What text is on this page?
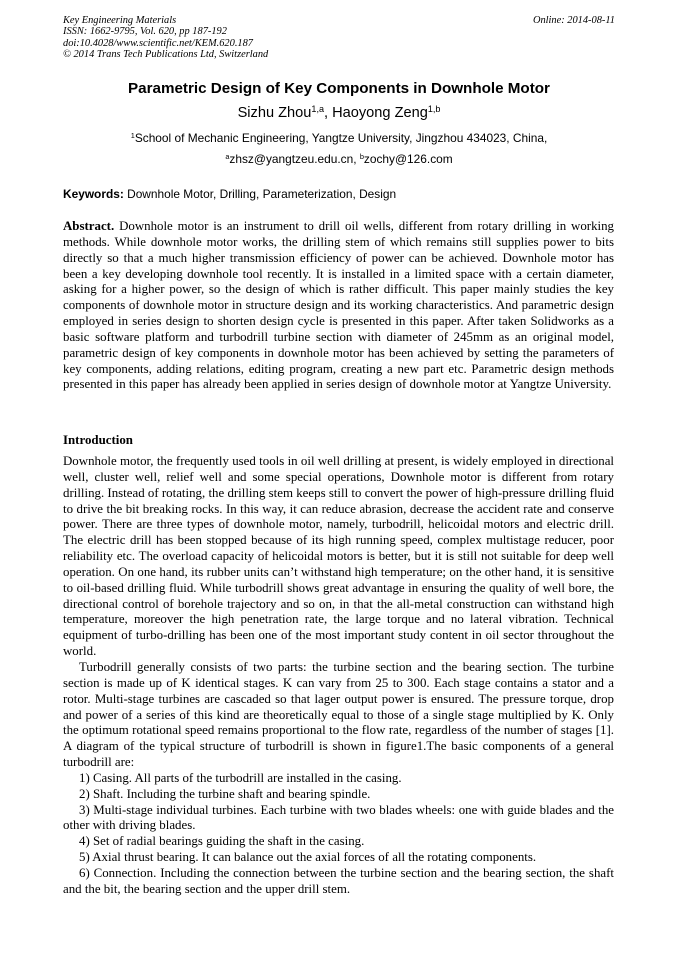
Key Engineering Materials
ISSN: 1662-9795, Vol. 620, pp 187-192
doi:10.4028/www.scientific.net/KEM.620.187
© 2014 Trans Tech Publications Ltd, Switzerland
Online: 2014-08-11
Parametric Design of Key Components in Downhole Motor
Sizhu Zhou$^{1,a}$, Haoyong Zeng$^{1,b}$
$^1$School of Mechanic Engineering, Yangtze University, Jingzhou 434023, China,
$^a$zhsz@yangtzeu.edu.cn, $^b$zochy@126.com
Keywords: Downhole Motor, Drilling, Parameterization, Design
Abstract. Downhole motor is an instrument to drill oil wells, different from rotary drilling in working methods. While downhole motor works, the drilling stem of which remains still supplies power to bits directly so that a much higher transmission efficiency of power can be achieved. Downhole motor has been a key developing downhole tool recently. It is installed in a limited space with a certain diameter, asking for a higher power, so the design of which is rather difficult. This paper mainly studies the key components of downhole motor in structure design and its working characteristics. And parametric design employed in series design to shorten design cycle is presented in this paper. After taken Solidworks as a basic software platform and turbodrill turbine section with diameter of 245mm as an original model, parametric design of key components in downhole motor has been achieved by setting the parameters of key components, adding relations, editing program, creating a new part etc. Parametric design methods presented in this paper has already been applied in series design of downhole motor at Yangtze University.
Introduction

Downhole motor, the frequently used tools in oil well drilling at present, is widely employed in directional well, cluster well, relief well and some special operations, Downhole motor is different from rotary drilling. Instead of rotating, the drilling stem keeps still to convert the power of high-pressure drilling fluid to drive the bit breaking rocks. In this way, it can reduce abrasion, decrease the accident rate and conserve power. There are three types of downhole motor, namely, turbodrill, helicoidal motors and electric drill. The electric drill has been stopped because of its high running speed, complex multistage reducer, poor reliability etc. The overload capacity of helicoidal motors is better, but it is still not suitable for deep well operation. On one hand, its rubber units can’t withstand high temperature; on the other hand, it is sensitive to oil-based drilling fluid. While turbodrill shows great advantage in ensuring the quality of well bore, the directional control of borehole trajectory and so on, in that the all-metal construction can withstand high temperature, moreover the high penetration rate, the large torque and no lateral vibration. Technical equipment of turbo-drilling has been one of the most important study content in oil sector throughout the world.

Turbodrill generally consists of two parts: the turbine section and the bearing section. The turbine section is made up of K identical stages. K can vary from 25 to 300. Each stage contains a stator and a rotor. Multi-stage turbines are cascaded so that lager output power is ensured. The pressure torque, drop and power of a series of this kind are theoretically equal to those of a single stage multiplied by K. Only the optimum rotational speed remains proportional to the flow rate, regardless of the number of stages [1]. A diagram of the typical structure of turbodrill is shown in figure1.The basic components of a general turbodrill are:

1) Casing. All parts of the turbodrill are installed in the casing.

2) Shaft. Including the turbine shaft and bearing spindle.

3) Multi-stage individual turbines. Each turbine with two blades wheels: one with guide blades and the other with driving blades.

4) Set of radial bearings guiding the shaft in the casing.

5) Axial thrust bearing. It can balance out the axial forces of all the rotating components.

6) Connection. Including the connection between the turbine section and the bearing section, the shaft and the bit, the bearing section and the upper drill stem.
